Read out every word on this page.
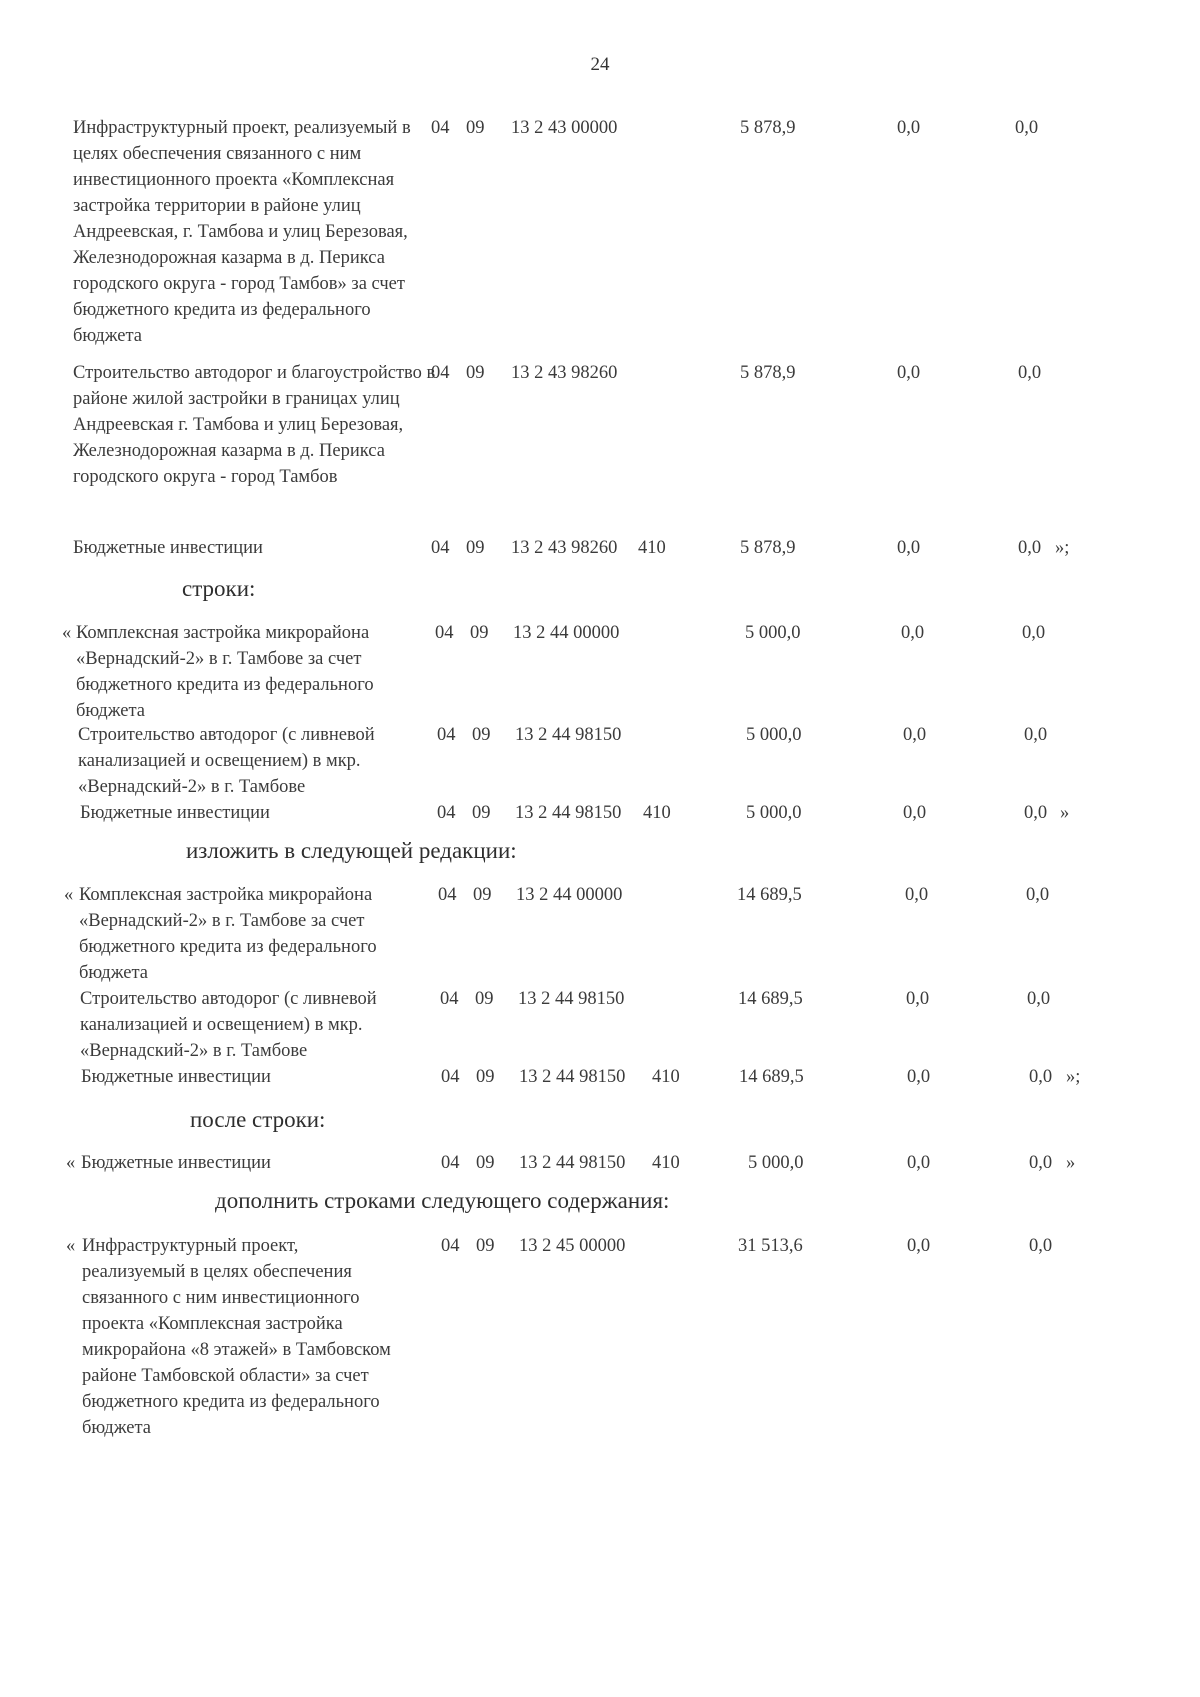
24
Инфраструктурный проект, реализуемый в целях обеспечения связанного с ним инвестиционного проекта «Комплексная застройка территории в районе улиц Андреевская, г. Тамбова и улиц Березовая, Железнодорожная казарма в д. Перикса городского округа - город Тамбов» за счет бюджетного кредита из федерального бюджета
04 09 13 2 43 00000	5 878,9	0,0	0,0
Строительство автодорог и благоустройство в районе жилой застройки в границах улиц Андреевская г. Тамбова и улиц Березовая, Железнодорожная казарма в д. Перикса городского округа - город Тамбов
04 09 13 2 43 98260	5 878,9	0,0	0,0
Бюджетные инвестиции	04 09 13 2 43 98260 410	5 878,9	0,0	0,0 »;
строки:
« Комплексная застройка микрорайона «Вернадский-2» в г. Тамбове за счет бюджетного кредита из федерального бюджета
04 09 13 2 44 00000	5 000,0	0,0	0,0
Строительство автодорог (с ливневой канализацией и освещением) в мкр. «Вернадский-2» в г. Тамбове
04 09 13 2 44 98150	5 000,0	0,0	0,0
Бюджетные инвестиции	04 09 13 2 44 98150 410	5 000,0	0,0	0,0 »
изложить в следующей редакции:
« Комплексная застройка микрорайона «Вернадский-2» в г. Тамбове за счет бюджетного кредита из федерального бюджета
04 09 13 2 44 00000	14 689,5	0,0	0,0
Строительство автодорог (с ливневой канализацией и освещением) в мкр. «Вернадский-2» в г. Тамбове
04 09 13 2 44 98150	14 689,5	0,0	0,0
Бюджетные инвестиции	04 09 13 2 44 98150 410	14 689,5	0,0	0,0 »;
после строки:
« Бюджетные инвестиции	04 09 13 2 44 98150 410	5 000,0	0,0	0,0 »
дополнить строками следующего содержания:
« Инфраструктурный проект, реализуемый в целях обеспечения связанного с ним инвестиционного проекта «Комплексная застройка микрорайона «8 этажей» в Тамбовском районе Тамбовской области» за счет бюджетного кредита из федерального бюджета
04 09 13 2 45 00000	31 513,6	0,0	0,0
